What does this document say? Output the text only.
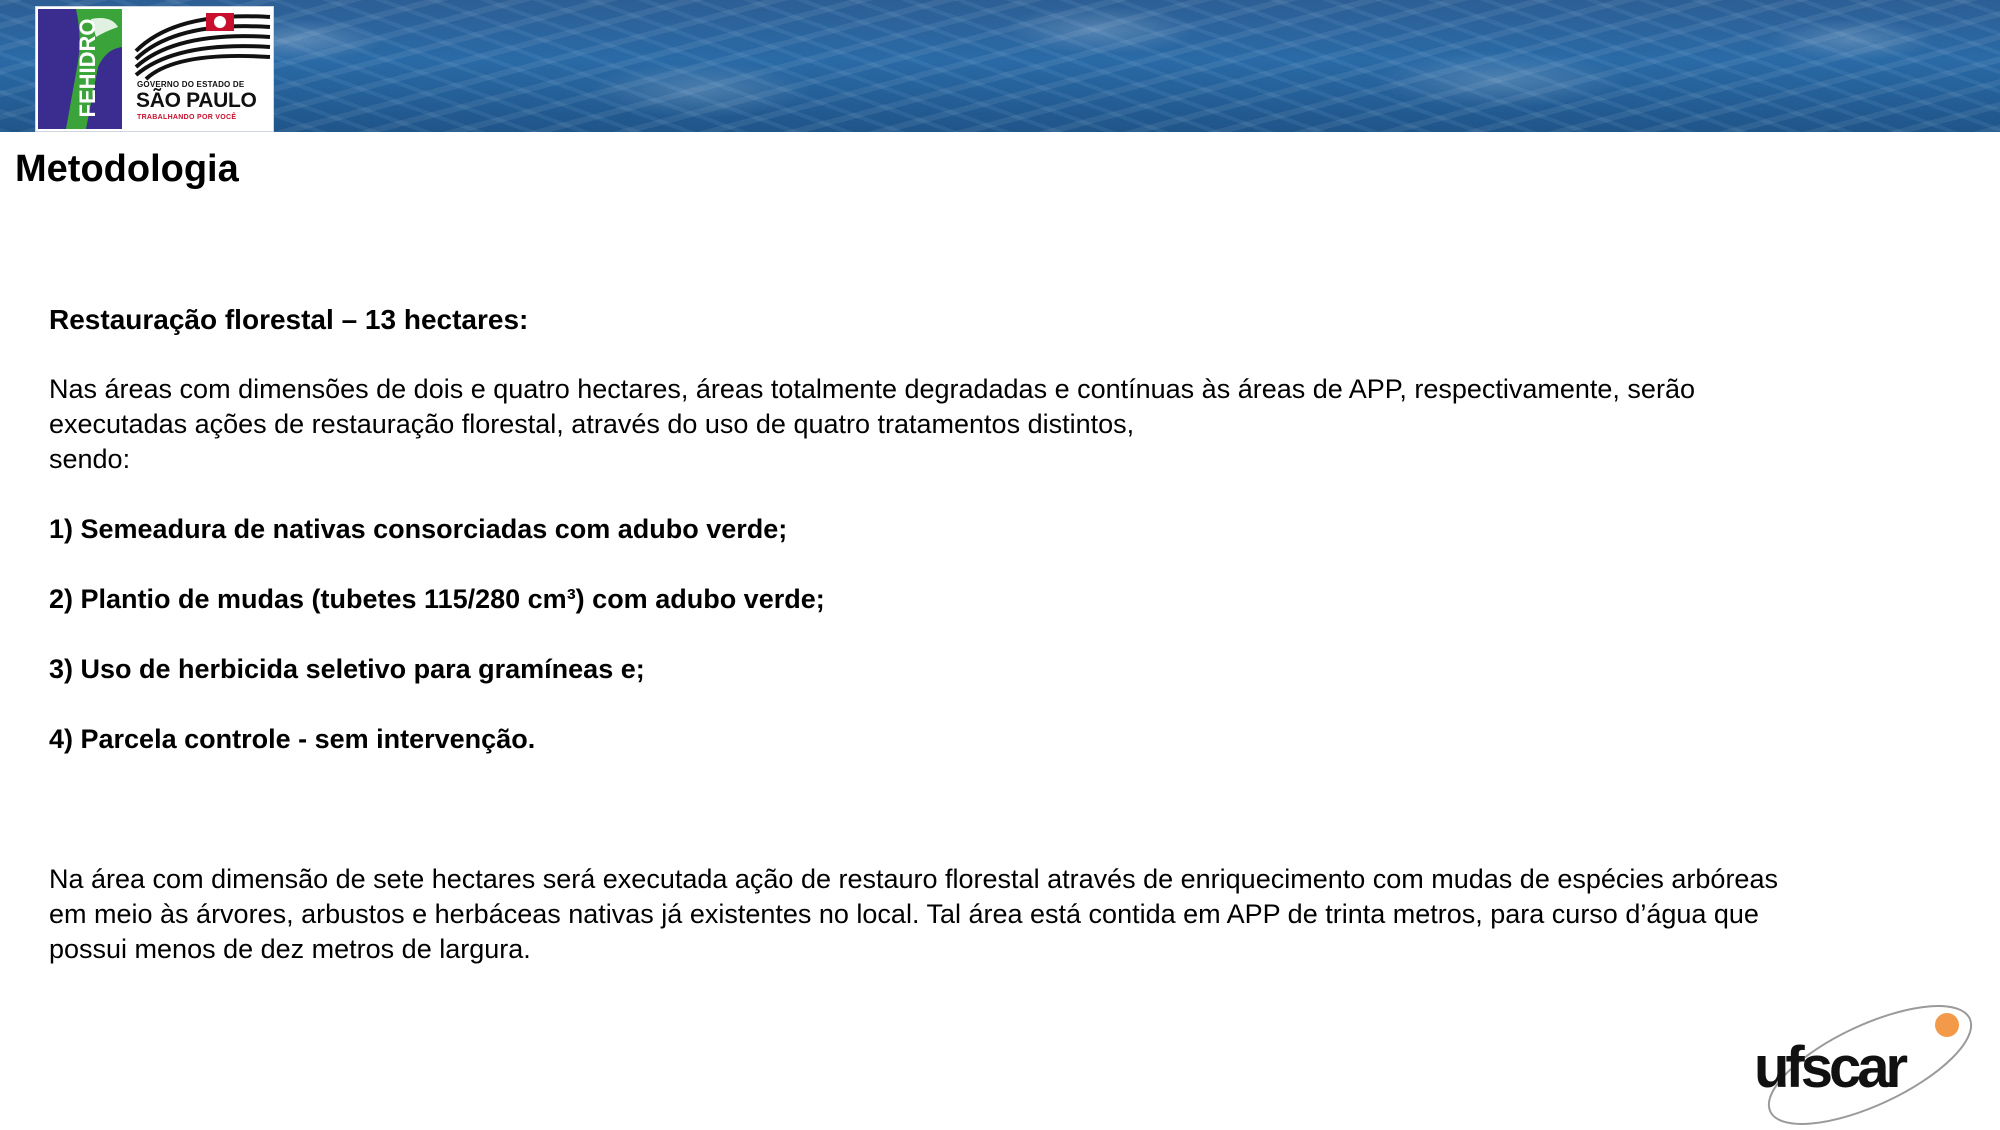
FEHIDRO	GOVERNO DO ESTADO DE
SÃO PAULO
TRABALHANDO POR VOCÊ
Metodologia

Restauração florestal – 13 hectares:

Nas áreas com dimensões de dois e quatro hectares, áreas totalmente degradadas e contínuas às áreas de APP, respectivamente, serão

executadas ações de restauração florestal, através do uso de quatro tratamentos distintos,

sendo:

1) Semeadura de nativas consorciadas com adubo verde;

2) Plantio de mudas (tubetes 115/280 cm³) com adubo verde;

3) Uso de herbicida seletivo para gramíneas e;

4) Parcela controle - sem intervenção.

Na área com dimensão de sete hectares será executada ação de restauro florestal através de enriquecimento com mudas de espécies arbóreas

em meio às árvores, arbustos e herbáceas nativas já existentes no local. Tal área está contida em APP de trinta metros, para curso d’água que

possui menos de dez metros de largura.

ufscar
